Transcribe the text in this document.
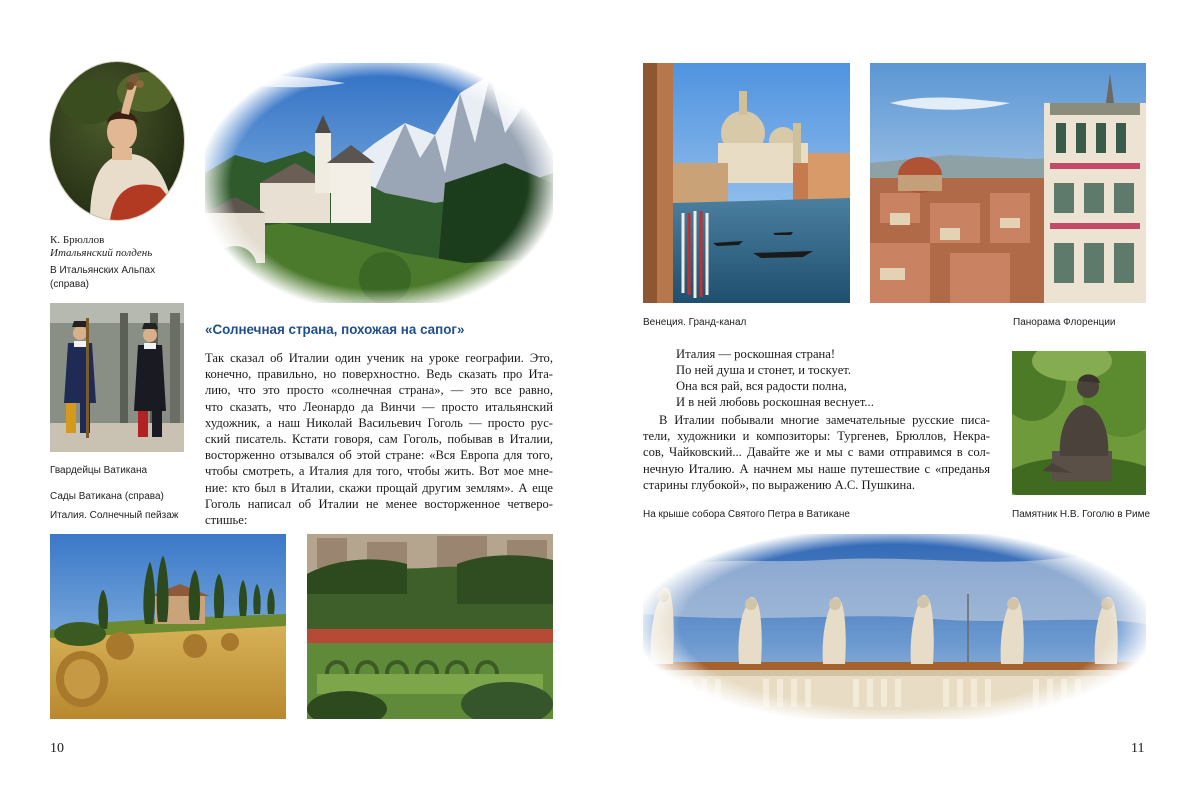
К. Брюллов
Итальянский полдень
В Итальянских Альпах
(справа)
Гвардейцы Ватикана
Сады Ватикана (справа)
Италия. Солнечный пейзаж
«Солнечная страна, похожая на сапог»
Так сказал об Италии один ученик на уроке географии. Это,
конечно, правильно, но поверхностно. Ведь сказать про Ита-
лию, что это просто «солнечная страна», — это все равно,
что сказать, что Леонардо да Винчи — просто итальянский
художник, а наш Николай Васильевич Гоголь — просто рус-
ский писатель. Кстати говоря, сам Гоголь, побывав в Италии,
восторженно отзывался об этой стране: «Вся Европа для того,
чтобы смотреть, а Италия для того, чтобы жить. Вот мое мне-
ние: кто был в Италии, скажи прощай другим землям». А еще
Гоголь написал об Италии не менее восторженное четверо-
стишье:
10
Венеция. Гранд-канал	Панорама Флоренции
Италия — роскошная страна!
По ней душа и стонет, и тоскует.
Она вся рай, вся радости полна,
И в ней любовь роскошная веснует...
В Италии побывали многие замечательные русские писа-
тели, художники и композиторы: Тургенев, Брюллов, Некра-
сов, Чайковский... Давайте же и мы с вами отправимся в сол-
нечную Италию. А начнем мы наше путешествие с «преданья
старины глубокой», по выражению А.С. Пушкина.
На крыше собора Святого Петра в Ватикане	Памятник Н.В. Гоголю в Риме
11
